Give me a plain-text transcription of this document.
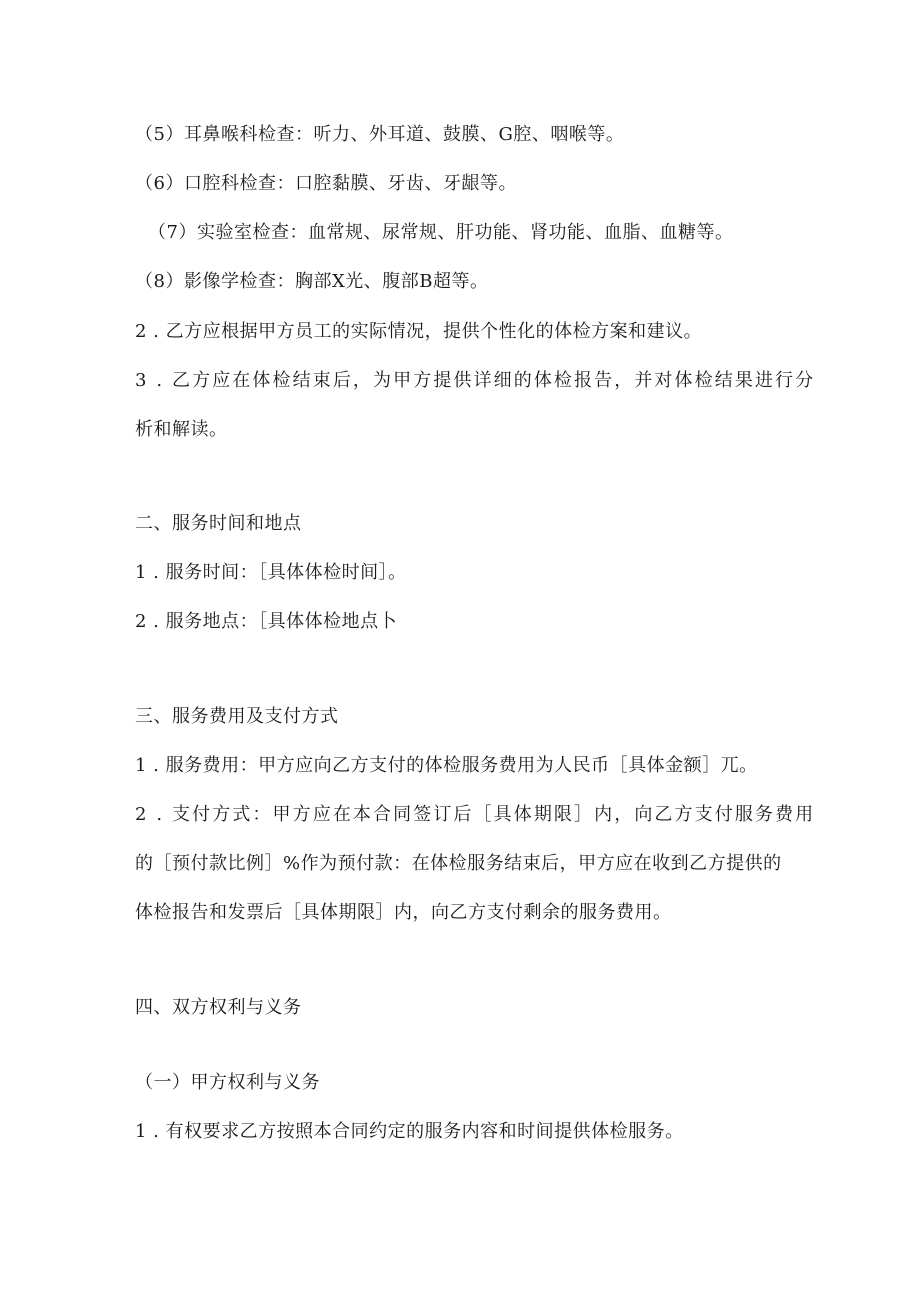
（5）耳鼻喉科检查：听力、外耳道、鼓膜、G腔、咽喉等。
（6）口腔科检查：口腔黏膜、牙齿、牙龈等。
（7）实验室检查：血常规、尿常规、肝功能、肾功能、血脂、血糖等。
（8）影像学检查：胸部X光、腹部B超等。
2 . 乙方应根据甲方员工的实际情况，提供个性化的体检方案和建议。
3 . 乙方应在体检结束后，为甲方提供详细的体检报告，并对体检结果进行分
析和解读。
二、服务时间和地点
1 . 服务时间：［具体体检时间］。
2 . 服务地点：［具体体检地点卜
三、服务费用及支付方式
1 . 服务费用：甲方应向乙方支付的体检服务费用为人民币［具体金额］兀。
2 . 支付方式：甲方应在本合同签订后［具体期限］内，向乙方支付服务费用
的［预付款比例］%作为预付款：在体检服务结束后，甲方应在收到乙方提供的
体检报告和发票后［具体期限］内，向乙方支付剩余的服务费用。
四、双方权利与义务
（一）甲方权利与义务
1 . 有权要求乙方按照本合同约定的服务内容和时间提供体检服务。
